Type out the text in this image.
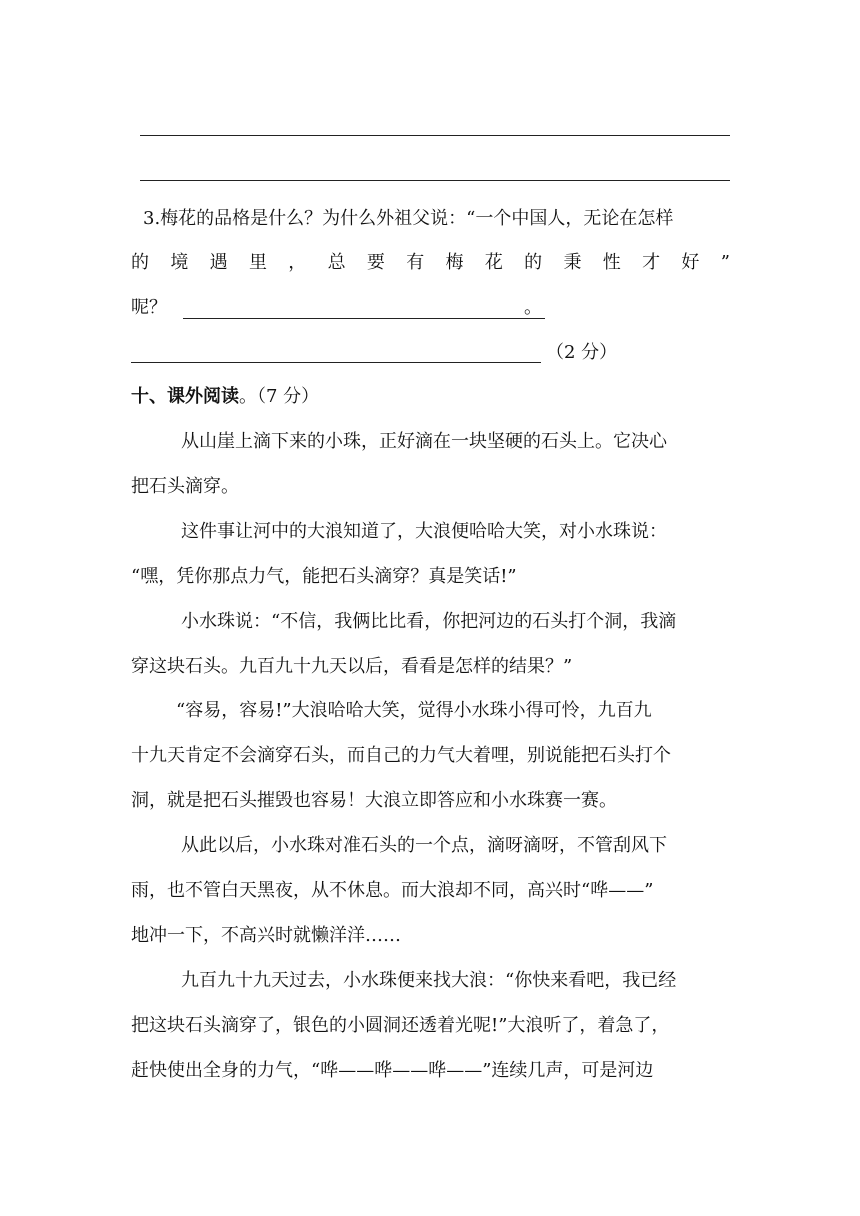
3.梅花的品格是什么？为什么外祖父说：“一个中国人，无论在怎样
的 境 遇 里 ， 总 要 有 梅 花 的 秉 性 才 好 ”
呢？	。
（2 分）
十、课外阅读。（7 分）
从山崖上滴下来的小珠，正好滴在一块坚硬的石头上。它决心
把石头滴穿。
这件事让河中的大浪知道了，大浪便哈哈大笑，对小水珠说：
“嘿，凭你那点力气，能把石头滴穿？真是笑话!”
小水珠说：“不信，我俩比比看，你把河边的石头打个洞，我滴
穿这块石头。九百九十九天以后，看看是怎样的结果？”
“容易，容易!”大浪哈哈大笑，觉得小水珠小得可怜，九百九
十九天肯定不会滴穿石头，而自己的力气大着哩，别说能把石头打个
洞，就是把石头摧毁也容易！大浪立即答应和小水珠赛一赛。
从此以后，小水珠对准石头的一个点，滴呀滴呀，不管刮风下
雨，也不管白天黑夜，从不休息。而大浪却不同，高兴时“哗——”
地冲一下，不高兴时就懒洋洋……
九百九十九天过去，小水珠便来找大浪：“你快来看吧，我已经
把这块石头滴穿了，银色的小圆洞还透着光呢!”大浪听了，着急了，
赶快使出全身的力气，“哗——哗——哗——”连续几声，可是河边
